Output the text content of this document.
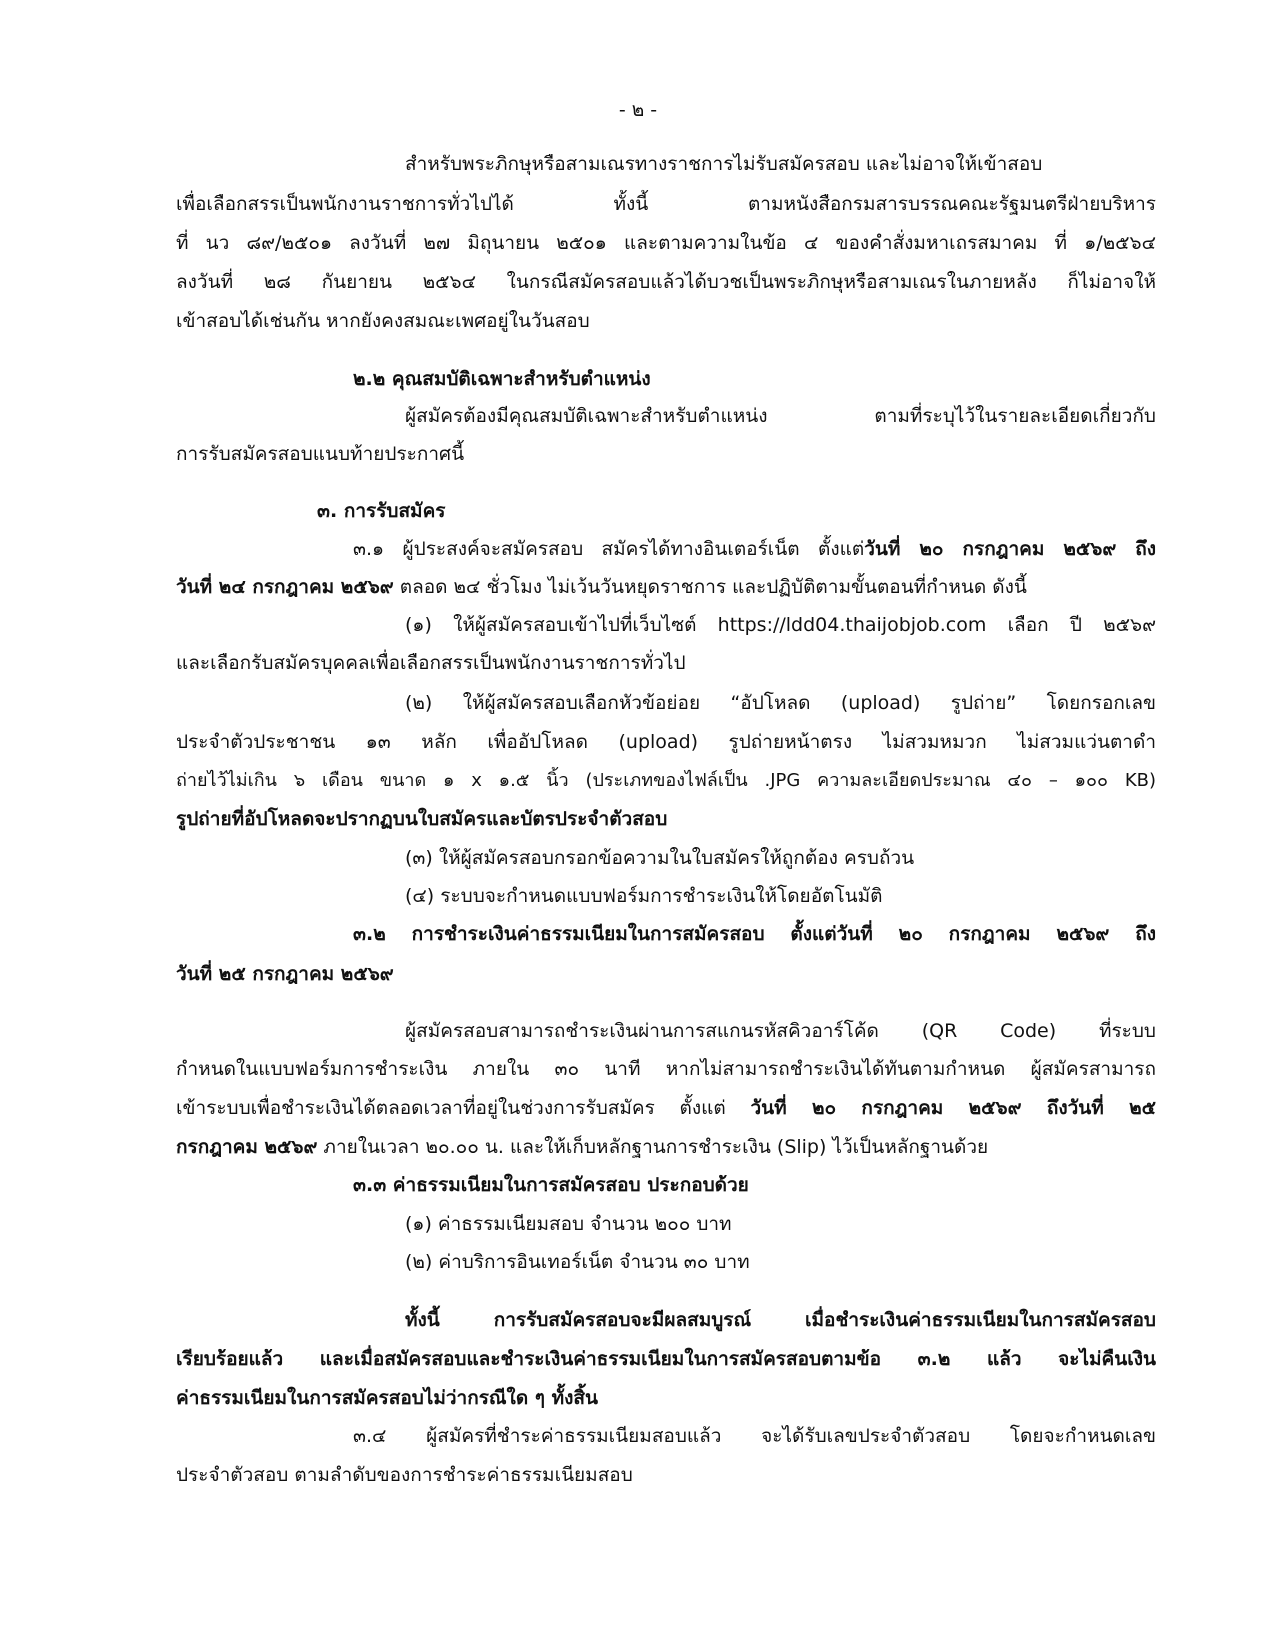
- ๒ -
สำหรับพระภิกษุหรือสามเณรทางราชการไม่รับสมัครสอบ และไม่อาจให้เข้าสอบ
เพื่อเลือกสรรเป็นพนักงานราชการทั่วไปได้ ทั้งนี้ ตามหนังสือกรมสารบรรณคณะรัฐมนตรีฝ่ายบริหาร
ที่ นว ๘๙/๒๕๐๑ ลงวันที่ ๒๗ มิถุนายน ๒๕๐๑ และตามความในข้อ ๔ ของคำสั่งมหาเถรสมาคม ที่ ๑/๒๕๖๔
ลงวันที่ ๒๘ กันยายน ๒๕๖๔ ในกรณีสมัครสอบแล้วได้บวชเป็นพระภิกษุหรือสามเณรในภายหลัง ก็ไม่อาจให้
เข้าสอบได้เช่นกัน หากยังคงสมณะเพศอยู่ในวันสอบ
๒.๒ คุณสมบัติเฉพาะสำหรับตำแหน่ง
ผู้สมัครต้องมีคุณสมบัติเฉพาะสำหรับตำแหน่ง ตามที่ระบุไว้ในรายละเอียดเกี่ยวกับ
การรับสมัครสอบแนบท้ายประกาศนี้
๓. การรับสมัคร
๓.๑ ผู้ประสงค์จะสมัครสอบ สมัครได้ทางอินเตอร์เน็ต ตั้งแต่วันที่ ๒๐ กรกฎาคม ๒๕๖๙ ถึง
วันที่ ๒๔ กรกฎาคม ๒๕๖๙ ตลอด ๒๔ ชั่วโมง ไม่เว้นวันหยุดราชการ และปฏิบัติตามขั้นตอนที่กำหนด ดังนี้
(๑) ให้ผู้สมัครสอบเข้าไปที่เว็บไซต์ https://ldd04.thaijobjob.com เลือก ปี ๒๕๖๙
และเลือกรับสมัครบุคคลเพื่อเลือกสรรเป็นพนักงานราชการทั่วไป
(๒) ให้ผู้สมัครสอบเลือกหัวข้อย่อย “อัปโหลด (upload) รูปถ่าย” โดยกรอกเลข
ประจำตัวประชาชน ๑๓ หลัก เพื่ออัปโหลด (upload) รูปถ่ายหน้าตรง ไม่สวมหมวก ไม่สวมแว่นตาดำ
ถ่ายไว้ไม่เกิน ๖ เดือน ขนาด ๑ x ๑.๕ นิ้ว (ประเภทของไฟล์เป็น .JPG ความละเอียดประมาณ ๔๐ – ๑๐๐ KB)
รูปถ่ายที่อัปโหลดจะปรากฏบนใบสมัครและบัตรประจำตัวสอบ
(๓) ให้ผู้สมัครสอบกรอกข้อความในใบสมัครให้ถูกต้อง ครบถ้วน
(๔) ระบบจะกำหนดแบบฟอร์มการชำระเงินให้โดยอัตโนมัติ
๓.๒ การชำระเงินค่าธรรมเนียมในการสมัครสอบ ตั้งแต่วันที่ ๒๐ กรกฎาคม ๒๕๖๙ ถึง
วันที่ ๒๕ กรกฎาคม ๒๕๖๙
ผู้สมัครสอบสามารถชำระเงินผ่านการสแกนรหัสคิวอาร์โค้ด (QR Code) ที่ระบบ
กำหนดในแบบฟอร์มการชำระเงิน ภายใน ๓๐ นาที หากไม่สามารถชำระเงินได้ทันตามกำหนด ผู้สมัครสามารถ
เข้าระบบเพื่อชำระเงินได้ตลอดเวลาที่อยู่ในช่วงการรับสมัคร ตั้งแต่ วันที่ ๒๐ กรกฎาคม ๒๕๖๙ ถึงวันที่ ๒๕
กรกฎาคม ๒๕๖๙ ภายในเวลา ๒๐.๐๐ น. และให้เก็บหลักฐานการชำระเงิน (Slip) ไว้เป็นหลักฐานด้วย
๓.๓ ค่าธรรมเนียมในการสมัครสอบ ประกอบด้วย
(๑) ค่าธรรมเนียมสอบ จำนวน ๒๐๐ บาท
(๒) ค่าบริการอินเทอร์เน็ต จำนวน ๓๐ บาท
ทั้งนี้ การรับสมัครสอบจะมีผลสมบูรณ์ เมื่อชำระเงินค่าธรรมเนียมในการสมัครสอบ
เรียบร้อยแล้ว และเมื่อสมัครสอบและชำระเงินค่าธรรมเนียมในการสมัครสอบตามข้อ ๓.๒ แล้ว จะไม่คืนเงิน
ค่าธรรมเนียมในการสมัครสอบไม่ว่ากรณีใด ๆ ทั้งสิ้น
๓.๔ ผู้สมัครที่ชำระค่าธรรมเนียมสอบแล้ว จะได้รับเลขประจำตัวสอบ โดยจะกำหนดเลข
ประจำตัวสอบ ตามลำดับของการชำระค่าธรรมเนียมสอบ
